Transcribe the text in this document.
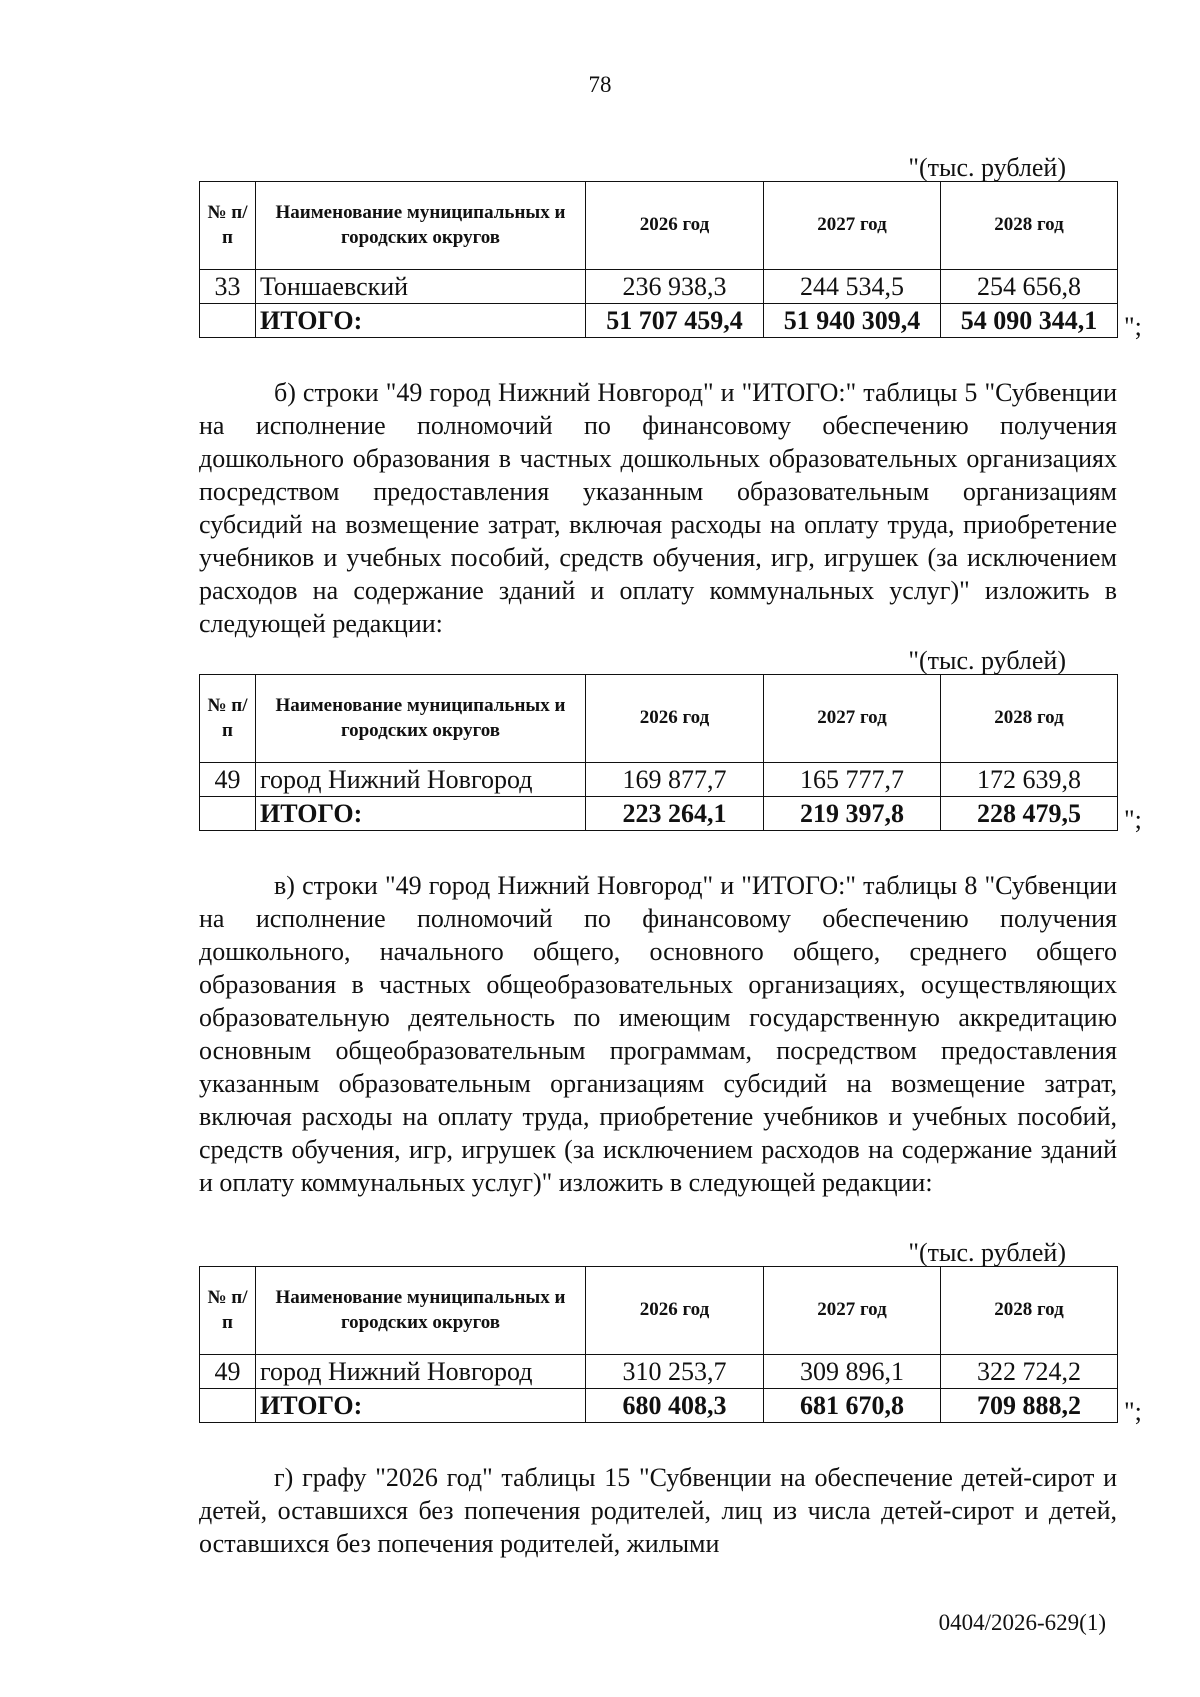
78
"(тыс. рублей)
№ п/п	Наименование муниципальных и городских округов	2026 год	2027 год	2028 год
33	Тоншаевский	236 938,3	244 534,5	254 656,8
	ИТОГО:	51 707 459,4	51 940 309,4	54 090 344,1 ";

б) строки "49 город Нижний Новгород" и "ИТОГО:" таблицы 5 "Субвенции на исполнение полномочий по финансовому обеспечению получения дошкольного образования в частных дошкольных образовательных организациях посредством предоставления указанным образовательным организациям субсидий на возмещение затрат, включая расходы на оплату труда, приобретение учебников и учебных пособий, средств обучения, игр, игрушек (за исключением расходов на содержание зданий и оплату коммунальных услуг)" изложить в следующей редакции:

"(тыс. рублей)
№ п/п	Наименование муниципальных и городских округов	2026 год	2027 год	2028 год
49	город Нижний Новгород	169 877,7	165 777,7	172 639,8
	ИТОГО:	223 264,1	219 397,8	228 479,5 ";

в) строки "49 город Нижний Новгород" и "ИТОГО:" таблицы 8 "Субвенции на исполнение полномочий по финансовому обеспечению получения дошкольного, начального общего, основного общего, среднего общего образования в частных общеобразовательных организациях, осуществляющих образовательную деятельность по имеющим государственную аккредитацию основным общеобразовательным программам, посредством предоставления указанным образовательным организациям субсидий на возмещение затрат, включая расходы на оплату труда, приобретение учебников и учебных пособий, средств обучения, игр, игрушек (за исключением расходов на содержание зданий и оплату коммунальных услуг)" изложить в следующей редакции:

"(тыс. рублей)
№ п/п	Наименование муниципальных и городских округов	2026 год	2027 год	2028 год
49	город Нижний Новгород	310 253,7	309 896,1	322 724,2
	ИТОГО:	680 408,3	681 670,8	709 888,2 ";

г) графу "2026 год" таблицы 15 "Субвенции на обеспечение детей-сирот и детей, оставшихся без попечения родителей, лиц из числа детей-сирот и детей, оставшихся без попечения родителей, жилыми

0404/2026-629(1)
